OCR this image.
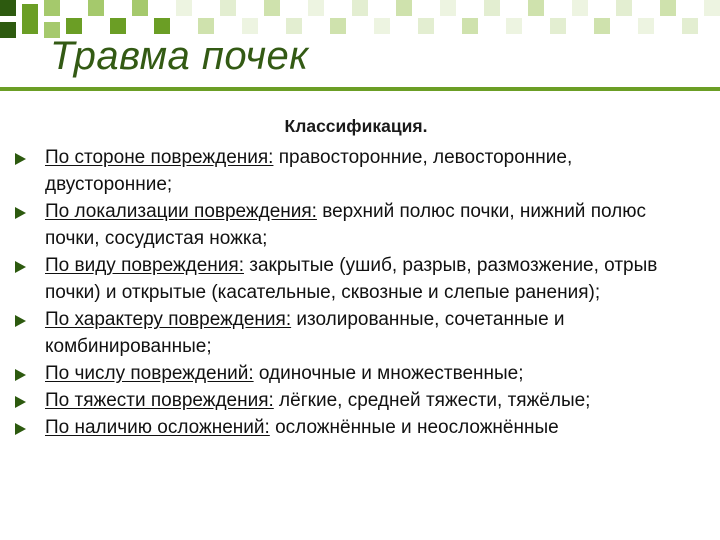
Травма почек
Классификация.
По стороне повреждения: правосторонние, левосторонние, двусторонние;
По локализации повреждения: верхний полюс почки, нижний полюс почки, сосудистая ножка;
По виду повреждения: закрытые (ушиб, разрыв, размозжение, отрыв почки) и открытые (касательные, сквозные и слепые ранения);
По характеру повреждения: изолированные, сочетанные и комбинированные;
По числу повреждений: одиночные и множественные;
По тяжести повреждения: лёгкие, средней тяжести, тяжёлые;
По наличию осложнений: осложнённые и неосложнённые
